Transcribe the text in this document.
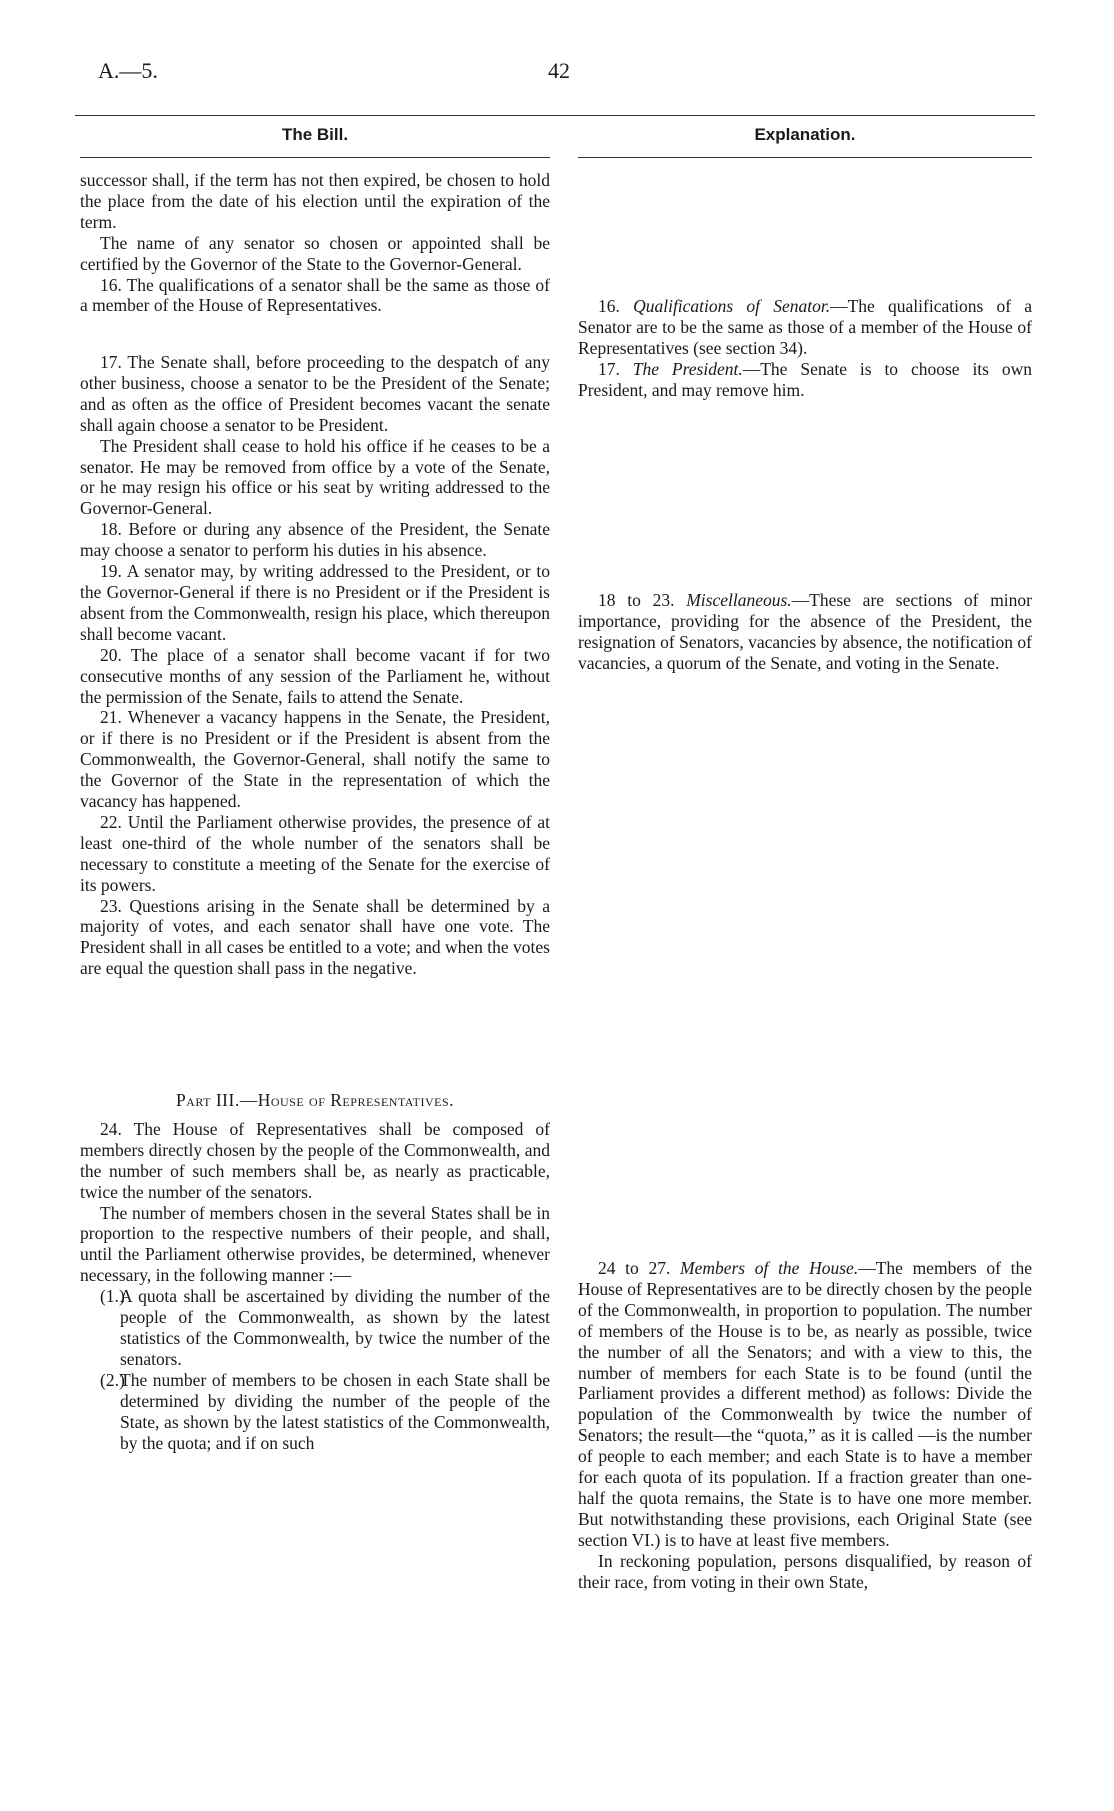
A.—5.	42
The Bill.	Explanation.

successor shall, if the term has not then expired, be chosen to hold the place from the date of his election until the expiration of the term.

The name of any senator so chosen or appointed shall be certified by the Governor of the State to the Governor-General.

16. The qualifications of a senator shall be the same as those of a member of the House of Representatives.

17. The Senate shall, before proceeding to the despatch of any other business, choose a senator to be the President of the Senate; and as often as the office of President becomes vacant the senate shall again choose a senator to be President.

The President shall cease to hold his office if he ceases to be a senator. He may be removed from office by a vote of the Senate, or he may resign his office or his seat by writing addressed to the Governor-General.

18. Before or during any absence of the President, the Senate may choose a senator to perform his duties in his absence.

19. A senator may, by writing addressed to the President, or to the Governor-General if there is no President or if the President is absent from the Commonwealth, resign his place, which thereupon shall become vacant.

20. The place of a senator shall become vacant if for two consecutive months of any session of the Parliament he, without the permission of the Senate, fails to attend the Senate.

21. Whenever a vacancy happens in the Senate, the President, or if there is no President or if the President is absent from the Commonwealth, the Governor-General, shall notify the same to the Governor of the State in the representation of which the vacancy has happened.

22. Until the Parliament otherwise provides, the presence of at least one-third of the whole number of the senators shall be necessary to constitute a meeting of the Senate for the exercise of its powers.

23. Questions arising in the Senate shall be determined by a majority of votes, and each senator shall have one vote. The President shall in all cases be entitled to a vote; and when the votes are equal the question shall pass in the negative.

Part III.—House of Representatives.

24. The House of Representatives shall be composed of members directly chosen by the people of the Commonwealth, and the number of such members shall be, as nearly as practicable, twice the number of the senators.

The number of members chosen in the several States shall be in proportion to the respective numbers of their people, and shall, until the Parliament otherwise provides, be determined, whenever necessary, in the following manner :—

(1.)
A quota shall be ascertained by dividing the number of the people of the Commonwealth, as shown by the latest statistics of the Commonwealth, by twice the number of the senators.

(2.)
The number of members to be chosen in each State shall be determined by dividing the number of the people of the State, as shown by the latest statistics of the Commonwealth, by the quota; and if on such

16. Qualifications of Senator.—The qualifications of a Senator are to be the same as those of a member of the House of Representatives (see section 34).

17. The President.—The Senate is to choose its own President, and may remove him.

18 to 23. Miscellaneous.—These are sections of minor importance, providing for the absence of the President, the resignation of Senators, vacancies by absence, the notification of vacancies, a quorum of the Senate, and voting in the Senate.

24 to 27. Members of the House.—The members of the House of Representatives are to be directly chosen by the people of the Commonwealth, in proportion to population. The number of members of the House is to be, as nearly as possible, twice the number of all the Senators; and with a view to this, the number of members for each State is to be found (until the Parliament provides a different method) as follows: Divide the population of the Commonwealth by twice the number of Senators; the result—the “quota,” as it is called —is the number of people to each member; and each State is to have a member for each quota of its population. If a fraction greater than one-half the quota remains, the State is to have one more member. But notwithstanding these provisions, each Original State (see section VI.) is to have at least five members.

In reckoning population, persons disqualified, by reason of their race, from voting in their own State,
